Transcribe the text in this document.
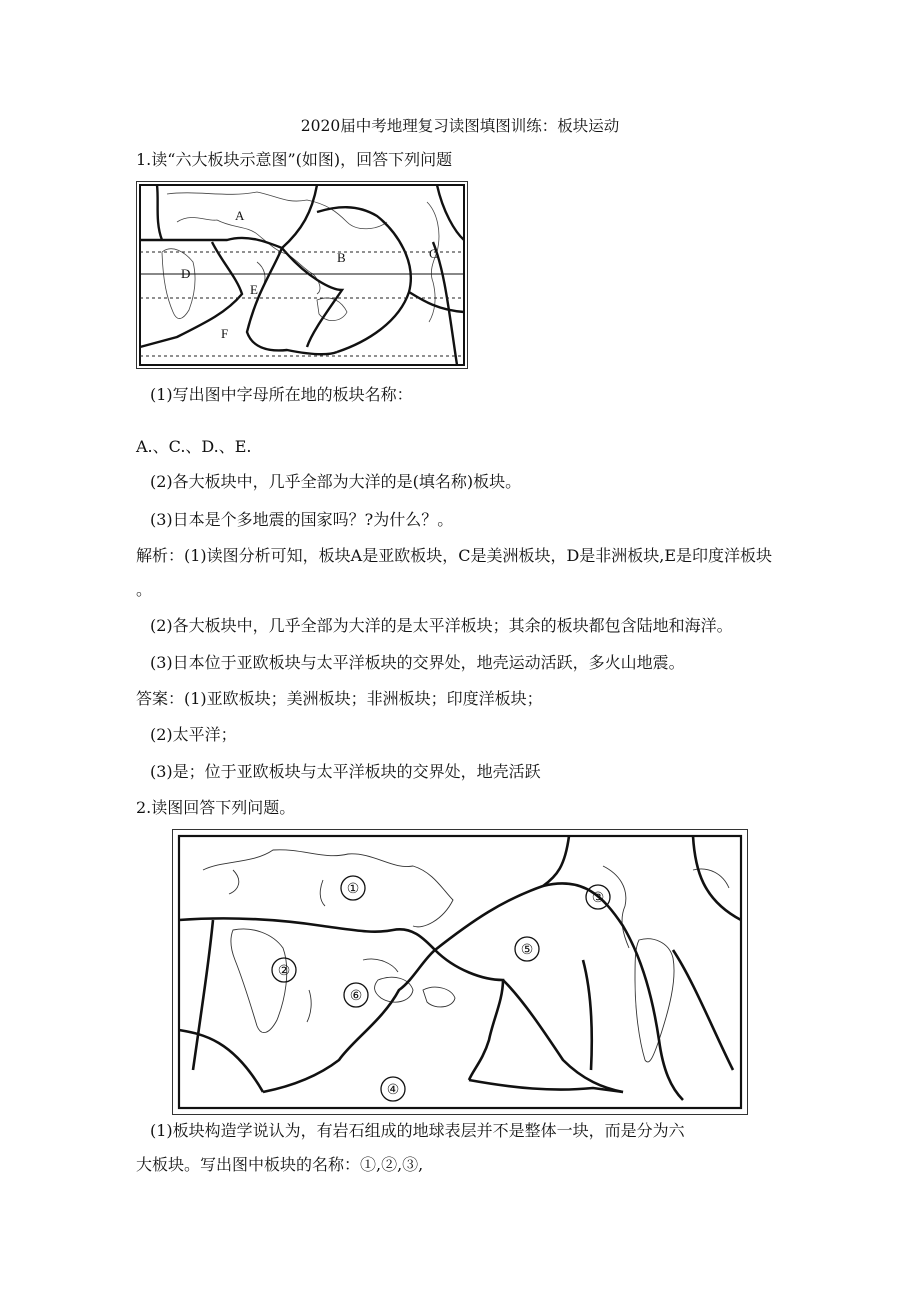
2020届中考地理复习读图填图训练：板块运动
1.读“六大板块示意图”(如图)，回答下列问题
A
B	C
D
E
F
(1)写出图中字母所在地的板块名称：
A.、C.、D.、E.
(2)各大板块中，几乎全部为大洋的是(填名称)板块。
(3)日本是个多地震的国家吗？?为什么？。
解析：(1)读图分析可知，板块A是亚欧板块，C是美洲板块，D是非洲板块,E是印度洋板块
。
(2)各大板块中，几乎全部为大洋的是太平洋板块；其余的板块都包含陆地和海洋。
(3)日本位于亚欧板块与太平洋板块的交界处，地壳运动活跃，多火山地震。
答案：(1)亚欧板块；美洲板块；非洲板块；印度洋板块；
(2)太平洋；
(3)是；位于亚欧板块与太平洋板块的交界处，地壳活跃
2.读图回答下列问题。
①
②
③
④
⑤
⑥
(1)板块构造学说认为，有岩石组成的地球表层并不是整体一块，而是分为六
大板块。写出图中板块的名称：①,②,③,
